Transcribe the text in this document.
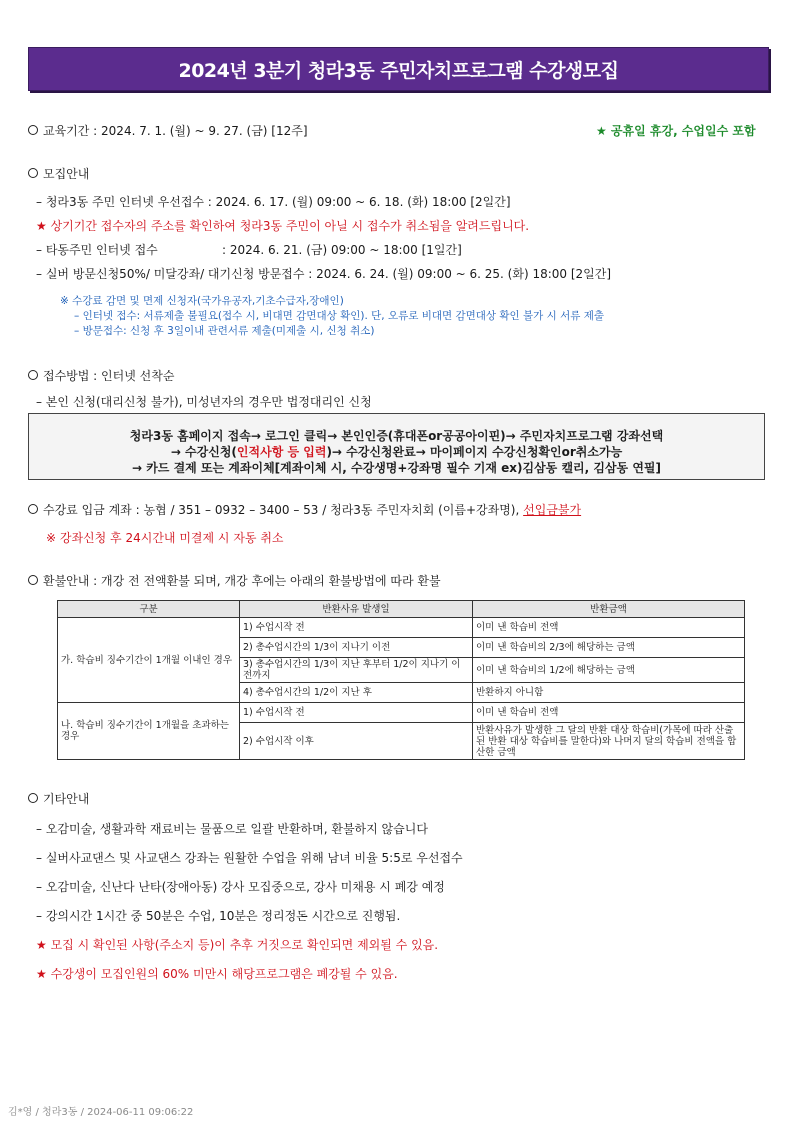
2024년 3분기 청라3동 주민자치프로그램 수강생모집
교육기간 : 2024. 7. 1. (월) ~ 9. 27. (금) [12주]	★ 공휴일 휴강, 수업일수 포함
모집안내
– 청라3동 주민 인터넷 우선접수 : 2024. 6. 17. (월) 09:00 ~ 6. 18. (화) 18:00 [2일간]
★ 상기기간 접수자의 주소를 확인하여 청라3동 주민이 아닐 시 접수가 취소됨을 알려드립니다.
– 타동주민 인터넷 접수	: 2024. 6. 21. (금) 09:00 ~ 18:00 [1일간]
– 실버 방문신청50%/ 미달강좌/ 대기신청 방문접수 : 2024. 6. 24. (월) 09:00 ~ 6. 25. (화) 18:00 [2일간]
※ 수강료 감면 및 면제 신청자(국가유공자,기초수급자,장애인)
– 인터넷 접수: 서류제출 불필요(접수 시, 비대면 감면대상 확인). 단, 오류로 비대면 감면대상 확인 불가 시 서류 제출
– 방문접수: 신청 후 3일이내 관련서류 제출(미제출 시, 신청 취소)
접수방법 : 인터넷 선착순
– 본인 신청(대리신청 불가), 미성년자의 경우만 법정대리인 신청
청라3동 홈페이지 접속→ 로그인 클릭→ 본인인증(휴대폰or공공아이핀)→ 주민자치프로그램 강좌선택
→ 수강신청(인적사항 등 입력)→ 수강신청완료→ 마이페이지 수강신청확인or취소가능
→ 카드 결제 또는 계좌이체[계좌이체 시, 수강생명+강좌명 필수 기재 ex)김삼동 캘리, 김삼동 연필]
수강료 입금 계좌 : 농협 / 351 – 0932 – 3400 – 53 / 청라3동 주민자치회 (이름+강좌명), 선입금불가
※ 강좌신청 후 24시간내 미결제 시 자동 취소
환불안내 : 개강 전 전액환불 되며, 개강 후에는 아래의 환불방법에 따라 환불
구분	반환사유 발생일	반환금액
가. 학습비 징수기간이 1개월 이내인 경우	1) 수업시작 전	이미 낸 학습비 전액
	2) 총수업시간의 1/3이 지나기 이전	이미 낸 학습비의 2/3에 해당하는 금액
	3) 총수업시간의 1/3이 지난 후부터 1/2이 지나기 이전까지	이미 낸 학습비의 1/2에 해당하는 금액
	4) 총수업시간의 1/2이 지난 후	반환하지 아니함
나. 학습비 징수기간이 1개월을 초과하는 경우	1) 수업시작 전	이미 낸 학습비 전액
	2) 수업시작 이후	반환사유가 발생한 그 달의 반환 대상 학습비(가목에 따라 산출된 반환 대상 학습비를 말한다)와 나머지 달의 학습비 전액을 합산한 금액
기타안내
– 오감미술, 생활과학 재료비는 물품으로 일괄 반환하며, 환불하지 않습니다
– 실버사교댄스 및 사교댄스 강좌는 원활한 수업을 위해 남녀 비율 5:5로 우선접수
– 오감미술, 신난다 난타(장애아동) 강사 모집중으로, 강사 미채용 시 폐강 예정
– 강의시간 1시간 중 50분은 수업, 10분은 정리정돈 시간으로 진행됨.
★ 모집 시 확인된 사항(주소지 등)이 추후 거짓으로 확인되면 제외될 수 있음.
★ 수강생이 모집인원의 60% 미만시 해당프로그램은 폐강될 수 있음.
김*영 / 청라3동 / 2024-06-11 09:06:22
